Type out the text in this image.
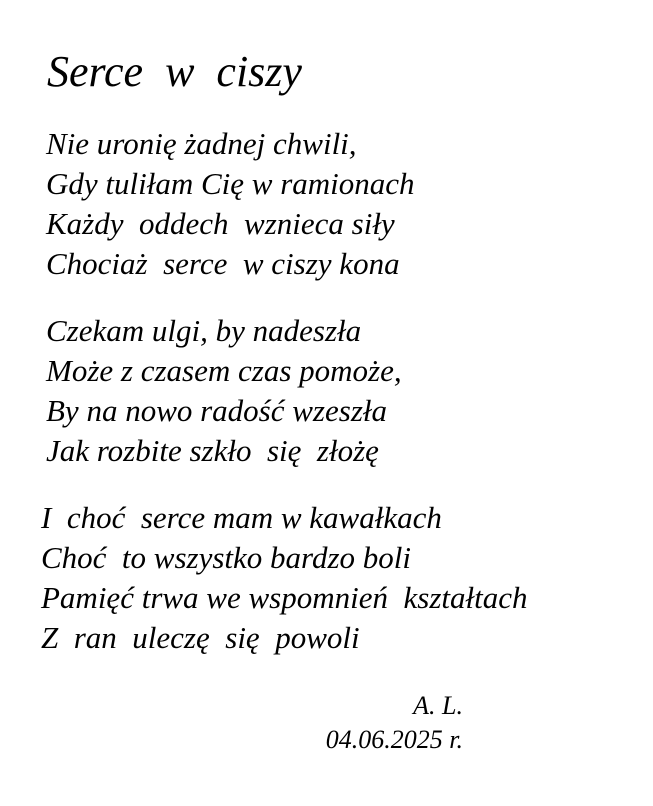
Serce  w  ciszy
Nie uronię żadnej chwili,
Gdy tuliłam Cię w ramionach
Każdy  oddech  wznieca siły
Chociaż  serce  w ciszy kona
Czekam ulgi, by nadeszła
Może z czasem czas pomoże,
By na nowo radość wzeszła
Jak rozbite szkło  się  złożę
I  choć  serce mam w kawałkach
Choć  to wszystko bardzo boli
Pamięć trwa we wspomnień  kształtach
Z  ran  uleczę  się  powoli
A. L.
04.06.2025 r.
